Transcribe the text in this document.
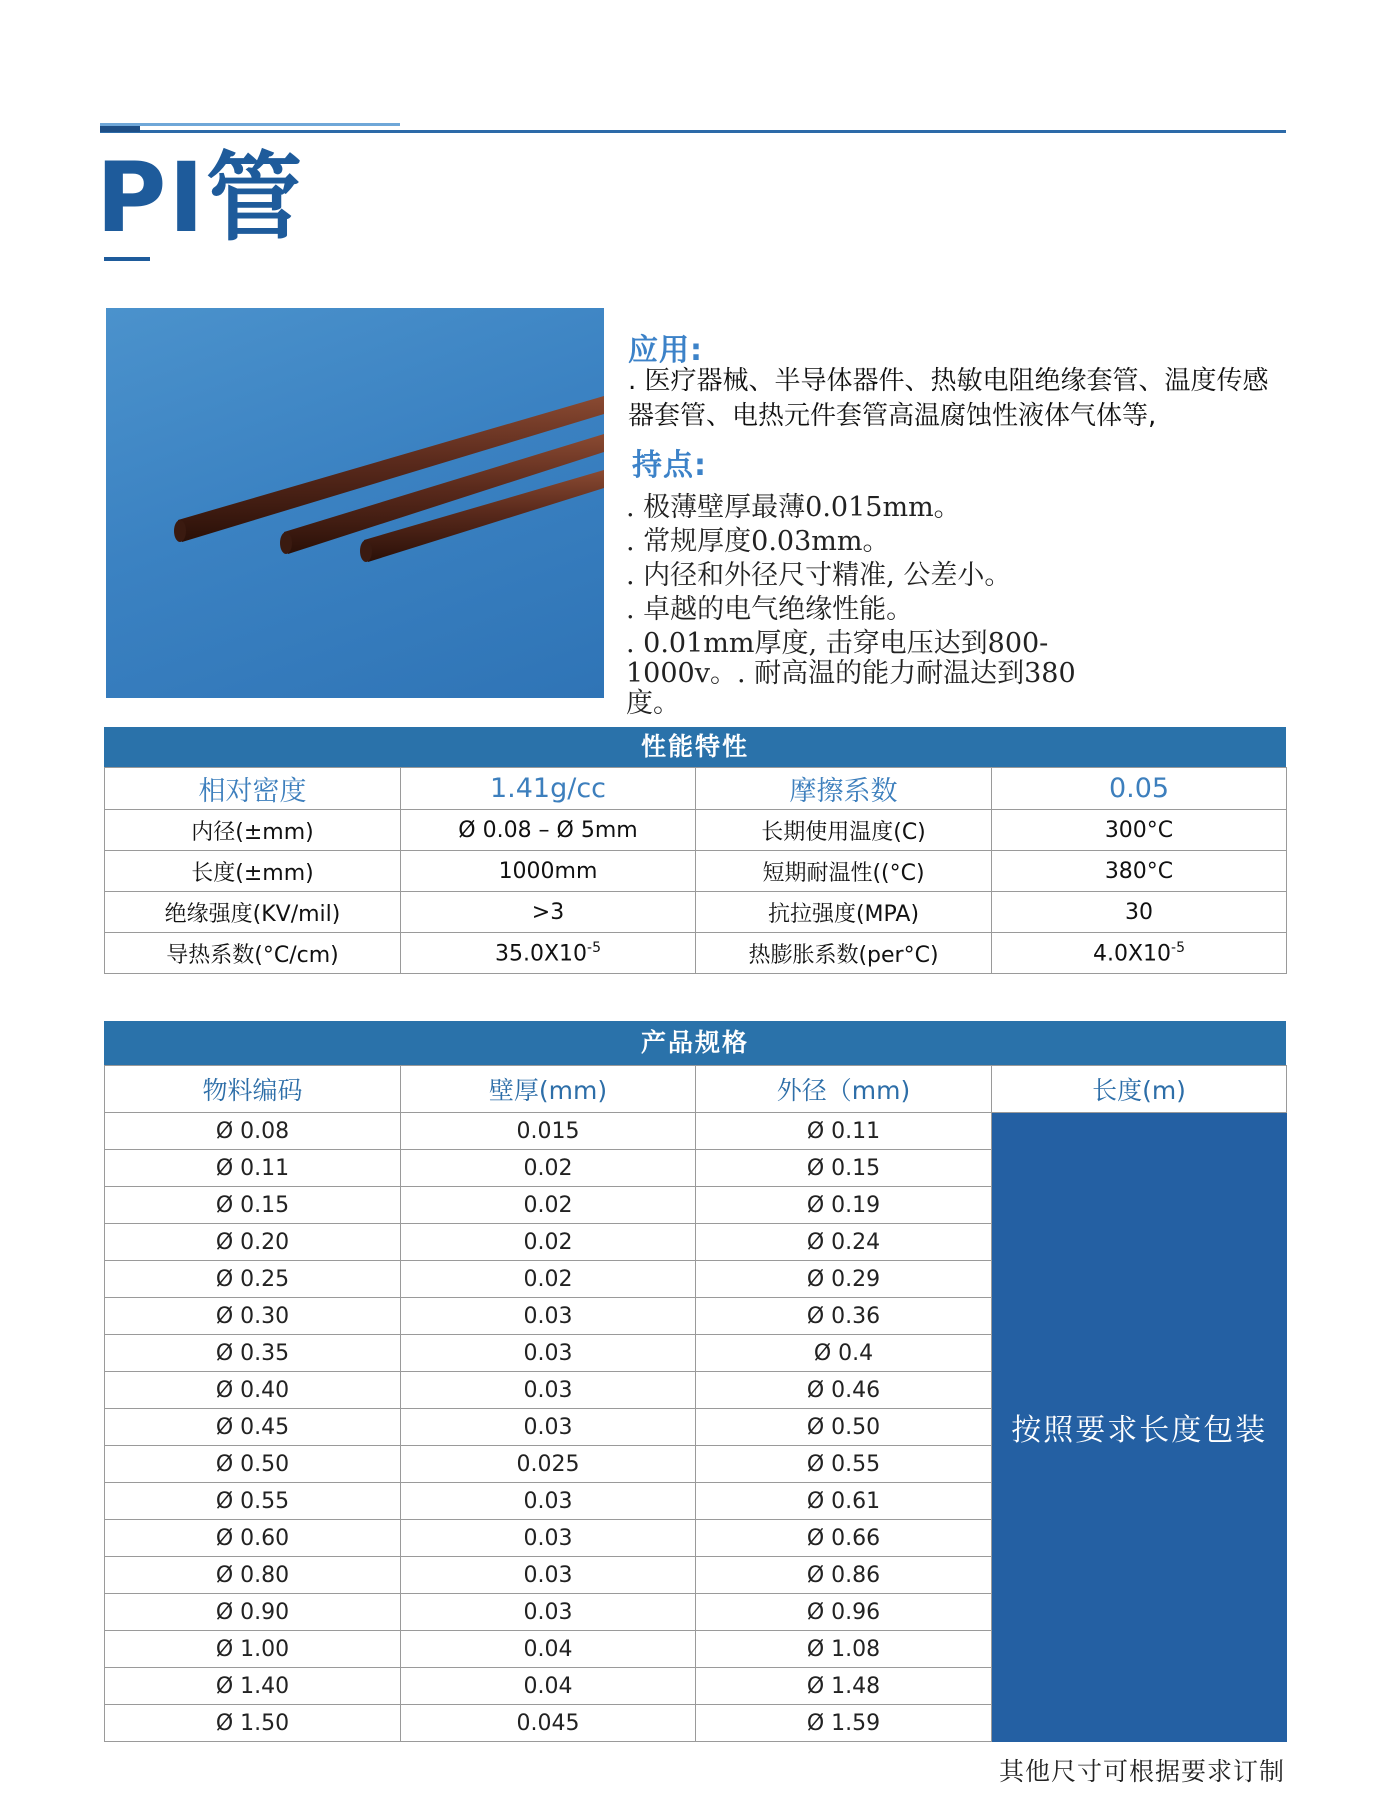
PI管
应用:
. 医疗器械、半导体器件、热敏电阻绝缘套管、温度传感器套管、电热元件套管高温腐蚀性液体气体等,
持点:
. 极薄壁厚最薄0.015mm。
. 常规厚度0.03mm。
. 内径和外径尺寸精准, 公差小。
. 卓越的电气绝缘性能。
. 0.01mm厚度, 击穿电压达到800-1000v。. 耐高温的能力耐温达到380度。
性能特性
相对密度	1.41g/cc	摩擦系数	0.05
内径(±mm)	Ø 0.08 – Ø 5mm	长期使用温度(C)	300°C
长度(±mm)	1000mm	短期耐温性((°C)	380°C
绝缘强度(KV/mil)	>3	抗拉强度(MPA)	30
导热系数(°C/cm)	$35.0X10^{-5}$	热膨胀系数(per°C)	$4.0X10^{-5}$
产品规格
物料编码	壁厚(mm)	外径（mm)	长度(m)
Ø 0.08	0.015	Ø 0.11	按照要求长度包装
Ø 0.11	0.02	Ø 0.15	
Ø 0.15	0.02	Ø 0.19	
Ø 0.20	0.02	Ø 0.24	
Ø 0.25	0.02	Ø 0.29	
Ø 0.30	0.03	Ø 0.36	
Ø 0.35	0.03	Ø 0.4	
Ø 0.40	0.03	Ø 0.46	
Ø 0.45	0.03	Ø 0.50	
Ø 0.50	0.025	Ø 0.55	
Ø 0.55	0.03	Ø 0.61	
Ø 0.60	0.03	Ø 0.66	
Ø 0.80	0.03	Ø 0.86	
Ø 0.90	0.03	Ø 0.96	
Ø 1.00	0.04	Ø 1.08	
Ø 1.40	0.04	Ø 1.48	
Ø 1.50	0.045	Ø 1.59	
其他尺寸可根据要求订制
